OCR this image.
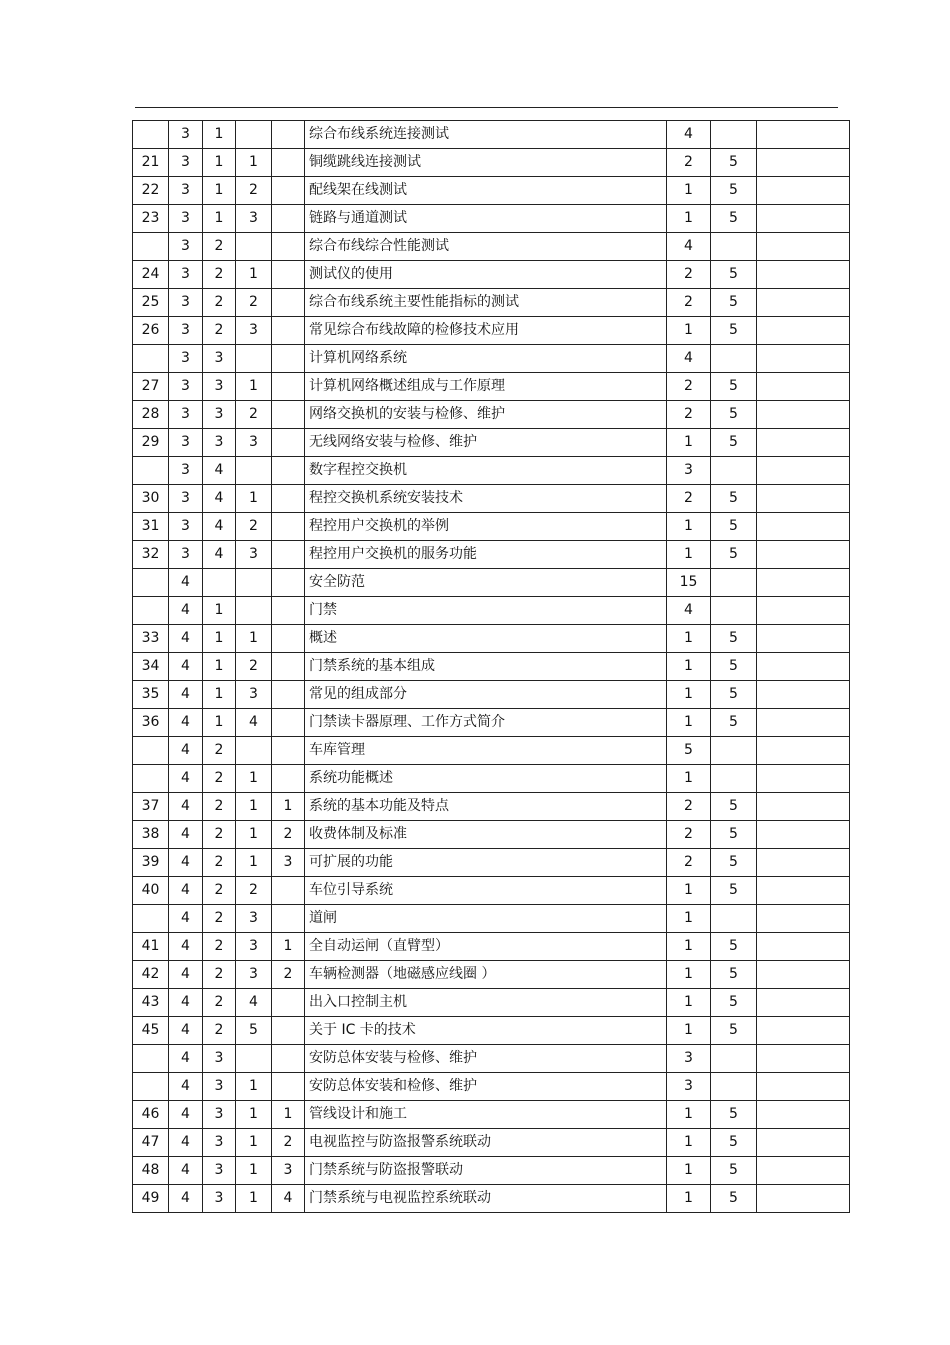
	3	1			综合布线系统连接测试	4		
21	3	1	1		铜缆跳线连接测试	2	5	
22	3	1	2		配线架在线测试	1	5	
23	3	1	3		链路与通道测试	1	5	
	3	2			综合布线综合性能测试	4		
24	3	2	1		测试仪的使用	2	5	
25	3	2	2		综合布线系统主要性能指标的测试	2	5	
26	3	2	3		常见综合布线故障的检修技术应用	1	5	
	3	3			计算机网络系统	4		
27	3	3	1		计算机网络概述组成与工作原理	2	5	
28	3	3	2		网络交换机的安装与检修、维护	2	5	
29	3	3	3		无线网络安装与检修、维护	1	5	
	3	4			数字程控交换机	3		
30	3	4	1		程控交换机系统安装技术	2	5	
31	3	4	2		程控用户交换机的举例	1	5	
32	3	4	3		程控用户交换机的服务功能	1	5	
	4				安全防范	15		
	4	1			门禁	4		
33	4	1	1		概述	1	5	
34	4	1	2		门禁系统的基本组成	1	5	
35	4	1	3		常见的组成部分	1	5	
36	4	1	4		门禁读卡器原理、工作方式简介	1	5	
	4	2			车库管理	5		
	4	2	1		系统功能概述	1		
37	4	2	1	1	系统的基本功能及特点	2	5	
38	4	2	1	2	收费体制及标准	2	5	
39	4	2	1	3	可扩展的功能	2	5	
40	4	2	2		车位引导系统	1	5	
	4	2	3		道闸	1		
41	4	2	3	1	全自动运闸（直臂型）	1	5	
42	4	2	3	2	车辆检测器（地磁感应线圈 ）	1	5	
43	4	2	4		出入口控制主机	1	5	
45	4	2	5		关于 IC 卡的技术	1	5	
	4	3			安防总体安装与检修、维护	3		
	4	3	1		安防总体安装和检修、维护	3		
46	4	3	1	1	管线设计和施工	1	5	
47	4	3	1	2	电视监控与防盗报警系统联动	1	5	
48	4	3	1	3	门禁系统与防盗报警联动	1	5	
49	4	3	1	4	门禁系统与电视监控系统联动	1	5	
